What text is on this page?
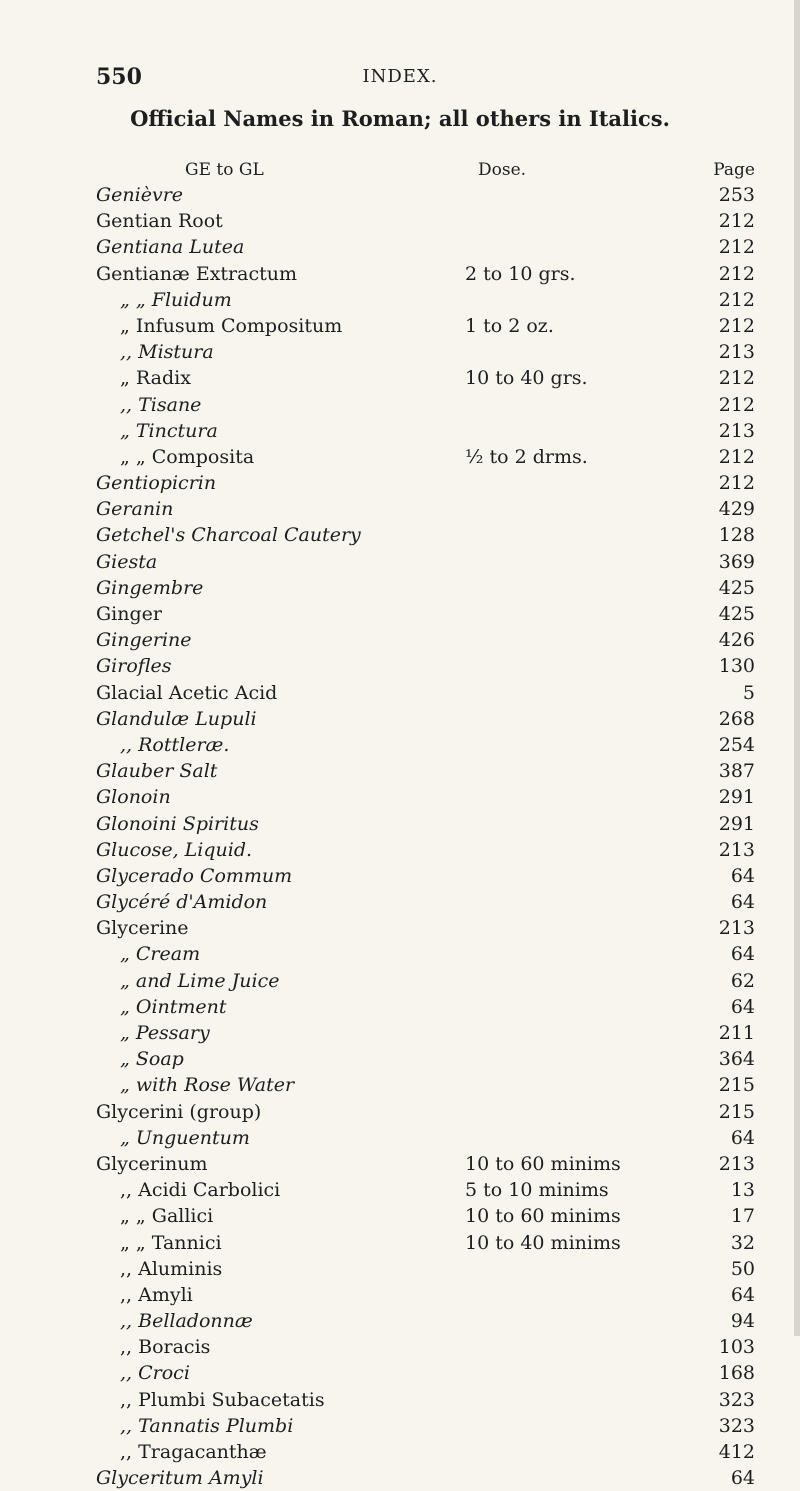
550	INDEX.
Official Names in Roman; all others in Italics.
GE to GL	Dose.	Page
Genièvre	253
Gentian Root	212
Gentiana Lutea	212
Gentianæ Extractum	2 to 10 grs.	212
„ „ Fluidum	212
„ Infusum Compositum	1 to 2 oz.	212
,, Mistura	213
„ Radix	10 to 40 grs.	212
,, Tisane	212
„ Tinctura	213
„ „ Composita	½ to 2 drms.	212
Gentiopicrin	212
Geranin	429
Getchel's Charcoal Cautery	128
Giesta	369
Gingembre	425
Ginger	425
Gingerine	426
Girofles	130
Glacial Acetic Acid	5
Glandulæ Lupuli	268
,, Rottleræ.	254
Glauber Salt	387
Glonoin	291
Glonoini Spiritus	291
Glucose, Liquid.	213
Glycerado Commum	64
Glycéré d'Amidon	64
Glycerine	213
„ Cream	64
„ and Lime Juice	62
„ Ointment	64
„ Pessary	211
„ Soap	364
„ with Rose Water	215
Glycerini (group)	215
„ Unguentum	64
Glycerinum	10 to 60 minims	213
,, Acidi Carbolici	5 to 10 minims	13
„ „ Gallici	10 to 60 minims	17
„ „ Tannici	10 to 40 minims	32
,, Aluminis	50
,, Amyli	64
,, Belladonnæ	94
,, Boracis	103
,, Croci	168
,, Plumbi Subacetatis	323
,, Tannatis Plumbi	323
,, Tragacanthæ	412
Glyceritum Amyli	64
